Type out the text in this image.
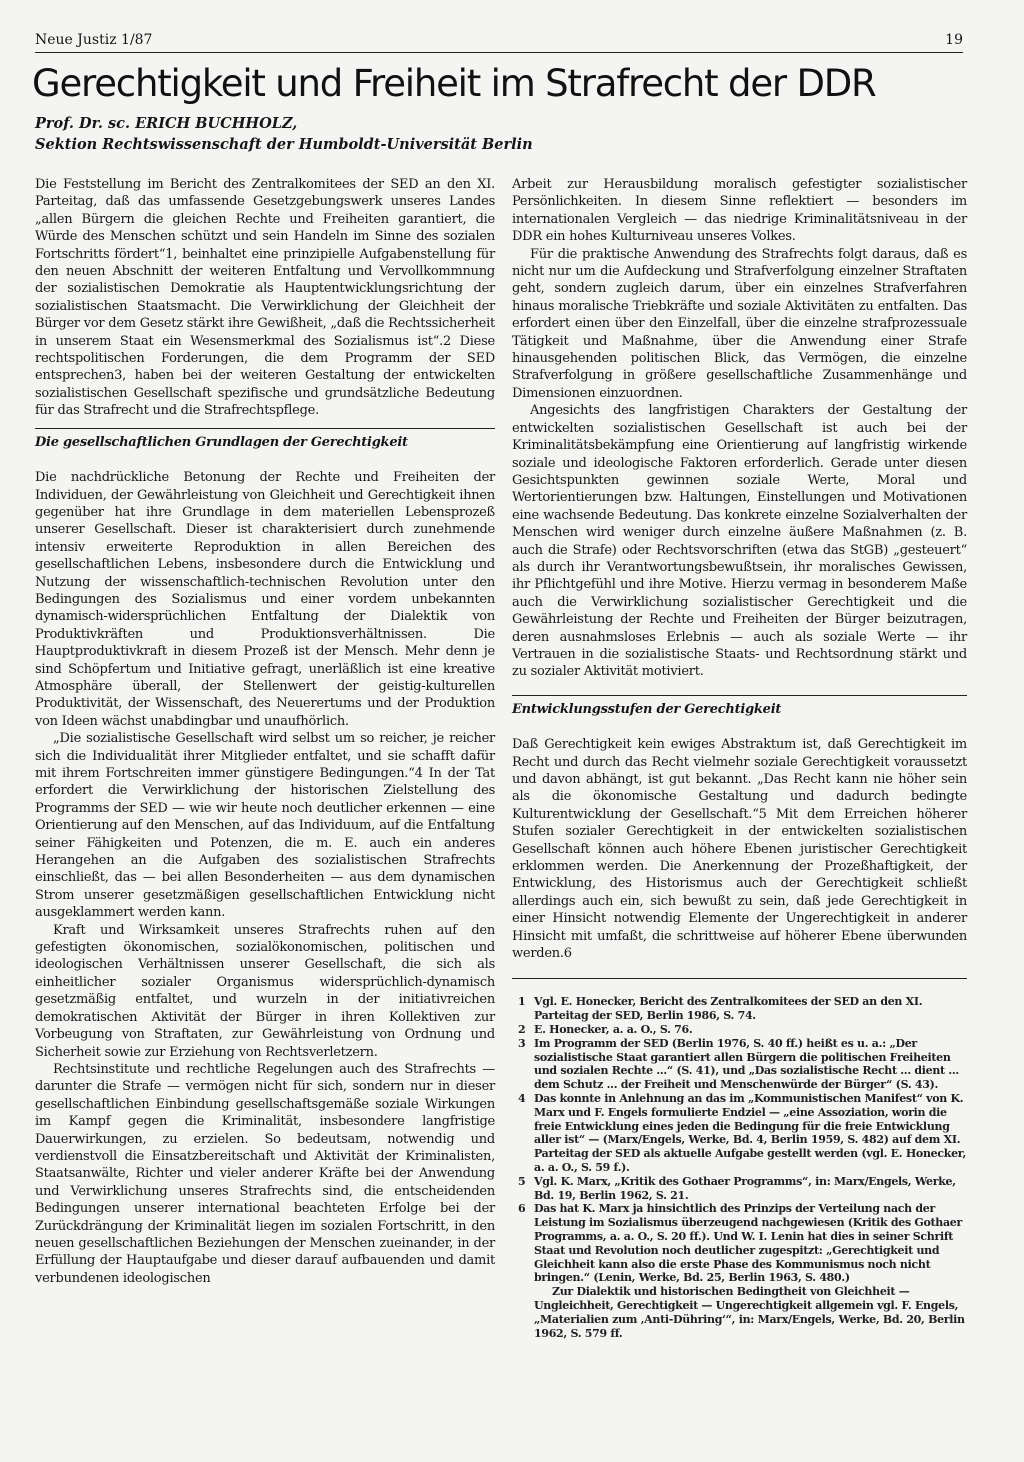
Neue Justiz 1/87	19
Gerechtigkeit und Freiheit im Strafrecht der DDR
Prof. Dr. sc. ERICH BUCHHOLZ,
Sektion Rechtswissenschaft der Humboldt-Universität Berlin

Die Feststellung im Bericht des Zentralkomitees der SED an den XI. Parteitag, daß das umfassende Gesetzgebungswerk unseres Landes „allen Bürgern die gleichen Rechte und Freiheiten garantiert, die Würde des Menschen schützt und sein Handeln im Sinne des sozialen Fortschritts fördert“1, beinhaltet eine prinzipielle Aufgabenstellung für den neuen Abschnitt der weiteren Entfaltung und Vervollkommnung der sozialistischen Demokratie als Hauptentwicklungsrichtung der sozialistischen Staatsmacht. Die Verwirklichung der Gleichheit der Bürger vor dem Gesetz stärkt ihre Gewißheit, „daß die Rechtssicherheit in unserem Staat ein Wesensmerkmal des Sozialismus ist“.2 Diese rechtspolitischen Forderungen, die dem Programm der SED entsprechen3, haben bei der weiteren Gestaltung der entwickelten sozialistischen Gesellschaft spezifische und grundsätzliche Bedeutung für das Strafrecht und die Strafrechtspflege.

Die gesellschaftlichen Grundlagen der Gerechtigkeit

Die nachdrückliche Betonung der Rechte und Freiheiten der Individuen, der Gewährleistung von Gleichheit und Gerechtigkeit ihnen gegenüber hat ihre Grundlage in dem materiellen Lebensprozeß unserer Gesellschaft. Dieser ist charakterisiert durch zunehmende intensiv erweiterte Reproduktion in allen Bereichen des gesellschaftlichen Lebens, insbesondere durch die Entwicklung und Nutzung der wissenschaftlich-technischen Revolution unter den Bedingungen des Sozialismus und einer vordem unbekannten dynamisch-widersprüchlichen Entfaltung der Dialektik von Produktivkräften und Produktionsverhältnissen. Die Hauptproduktivkraft in diesem Prozeß ist der Mensch. Mehr denn je sind Schöpfertum und Initiative gefragt, unerläßlich ist eine kreative Atmosphäre überall, der Stellenwert der geistig-kulturellen Produktivität, der Wissenschaft, des Neuerertums und der Produktion von Ideen wächst unabdingbar und unaufhörlich.

„Die sozialistische Gesellschaft wird selbst um so reicher, je reicher sich die Individualität ihrer Mitglieder entfaltet, und sie schafft dafür mit ihrem Fortschreiten immer günstigere Bedingungen.“4 In der Tat erfordert die Verwirklichung der historischen Zielstellung des Programms der SED — wie wir heute noch deutlicher erkennen — eine Orientierung auf den Menschen, auf das Individuum, auf die Entfaltung seiner Fähigkeiten und Potenzen, die m. E. auch ein anderes Herangehen an die Aufgaben des sozialistischen Strafrechts einschließt, das — bei allen Besonderheiten — aus dem dynamischen Strom unserer gesetzmäßigen gesellschaftlichen Entwicklung nicht ausgeklammert werden kann.

Kraft und Wirksamkeit unseres Strafrechts ruhen auf den gefestigten ökonomischen, sozialökonomischen, politischen und ideologischen Verhältnissen unserer Gesellschaft, die sich als einheitlicher sozialer Organismus widersprüchlich-dynamisch gesetzmäßig entfaltet, und wurzeln in der initiativreichen demokratischen Aktivität der Bürger in ihren Kollektiven zur Vorbeugung von Straftaten, zur Gewährleistung von Ordnung und Sicherheit sowie zur Erziehung von Rechtsverletzern.

Rechtsinstitute und rechtliche Regelungen auch des Strafrechts — darunter die Strafe — vermögen nicht für sich, sondern nur in dieser gesellschaftlichen Einbindung gesellschaftsgemäße soziale Wirkungen im Kampf gegen die Kriminalität, insbesondere langfristige Dauerwirkungen, zu erzielen. So bedeutsam, notwendig und verdienstvoll die Einsatzbereitschaft und Aktivität der Kriminalisten, Staatsanwälte, Richter und vieler anderer Kräfte bei der Anwendung und Verwirklichung unseres Strafrechts sind, die entscheidenden Bedingungen unserer international beachteten Erfolge bei der Zurückdrängung der Kriminalität liegen im sozialen Fortschritt, in den neuen gesellschaftlichen Beziehungen der Menschen zueinander, in der Erfüllung der Hauptaufgabe und dieser darauf aufbauenden und damit verbundenen ideologischen

Arbeit zur Herausbildung moralisch gefestigter sozialistischer Persönlichkeiten. In diesem Sinne reflektiert — besonders im internationalen Vergleich — das niedrige Kriminalitätsniveau in der DDR ein hohes Kulturniveau unseres Volkes.

Für die praktische Anwendung des Strafrechts folgt daraus, daß es nicht nur um die Aufdeckung und Strafverfolgung einzelner Straftaten geht, sondern zugleich darum, über ein einzelnes Strafverfahren hinaus moralische Triebkräfte und soziale Aktivitäten zu entfalten. Das erfordert einen über den Einzelfall, über die einzelne strafprozessuale Tätigkeit und Maßnahme, über die Anwendung einer Strafe hinausgehenden politischen Blick, das Vermögen, die einzelne Strafverfolgung in größere gesellschaftliche Zusammenhänge und Dimensionen einzuordnen.

Angesichts des langfristigen Charakters der Gestaltung der entwickelten sozialistischen Gesellschaft ist auch bei der Kriminalitätsbekämpfung eine Orientierung auf langfristig wirkende soziale und ideologische Faktoren erforderlich. Gerade unter diesen Gesichtspunkten gewinnen soziale Werte, Moral und Wertorientierungen bzw. Haltungen, Einstellungen und Motivationen eine wachsende Bedeutung. Das konkrete einzelne Sozialverhalten der Menschen wird weniger durch einzelne äußere Maßnahmen (z. B. auch die Strafe) oder Rechtsvorschriften (etwa das StGB) „gesteuert“ als durch ihr Verantwortungsbewußtsein, ihr moralisches Gewissen, ihr Pflichtgefühl und ihre Motive. Hierzu vermag in besonderem Maße auch die Verwirklichung sozialistischer Gerechtigkeit und die Gewährleistung der Rechte und Freiheiten der Bürger beizutragen, deren ausnahmsloses Erlebnis — auch als soziale Werte — ihr Vertrauen in die sozialistische Staats- und Rechtsordnung stärkt und zu sozialer Aktivität motiviert.

Entwicklungsstufen der Gerechtigkeit

Daß Gerechtigkeit kein ewiges Abstraktum ist, daß Gerechtigkeit im Recht und durch das Recht vielmehr soziale Gerechtigkeit voraussetzt und davon abhängt, ist gut bekannt. „Das Recht kann nie höher sein als die ökonomische Gestaltung und dadurch bedingte Kulturentwicklung der Gesellschaft.“5 Mit dem Erreichen höherer Stufen sozialer Gerechtigkeit in der entwickelten sozialistischen Gesellschaft können auch höhere Ebenen juristischer Gerechtigkeit erklommen werden. Die Anerkennung der Prozeßhaftigkeit, der Entwicklung, des Historismus auch der Gerechtigkeit schließt allerdings auch ein, sich bewußt zu sein, daß jede Gerechtigkeit in einer Hinsicht notwendig Elemente der Ungerechtigkeit in anderer Hinsicht mit umfaßt, die schrittweise auf höherer Ebene überwunden werden.6

1 Vgl. E. Honecker, Bericht des Zentralkomitees der SED an den XI. Parteitag der SED, Berlin 1986, S. 74.
2 E. Honecker, a. a. O., S. 76.
3 Im Programm der SED (Berlin 1976, S. 40 ff.) heißt es u. a.: „Der sozialistische Staat garantiert allen Bürgern die politischen Freiheiten und sozialen Rechte ...“ (S. 41), und „Das sozialistische Recht ... dient ... dem Schutz ... der Freiheit und Menschenwürde der Bürger“ (S. 43).
4 Das konnte in Anlehnung an das im „Kommunistischen Manifest“ von K. Marx und F. Engels formulierte Endziel — „eine Assoziation, worin die freie Entwicklung eines jeden die Bedingung für die freie Entwicklung aller ist“ — (Marx/Engels, Werke, Bd. 4, Berlin 1959, S. 482) auf dem XI. Parteitag der SED als aktuelle Aufgabe gestellt werden (vgl. E. Honecker, a. a. O., S. 59 f.).
5 Vgl. K. Marx, „Kritik des Gothaer Programms“, in: Marx/Engels, Werke, Bd. 19, Berlin 1962, S. 21.
6 Das hat K. Marx ja hinsichtlich des Prinzips der Verteilung nach der Leistung im Sozialismus überzeugend nachgewiesen (Kritik des Gothaer Programms, a. a. O., S. 20 ff.). Und W. I. Lenin hat dies in seiner Schrift Staat und Revolution noch deutlicher zugespitzt: „Gerechtigkeit und Gleichheit kann also die erste Phase des Kommunismus noch nicht bringen.“ (Lenin, Werke, Bd. 25, Berlin 1963, S. 480.)
Zur Dialektik und historischen Bedingtheit von Gleichheit — Ungleichheit, Gerechtigkeit — Ungerechtigkeit allgemein vgl. F. Engels, „Materialien zum ‚Anti-Dühring‘“, in: Marx/Engels, Werke, Bd. 20, Berlin 1962, S. 579 ff.
